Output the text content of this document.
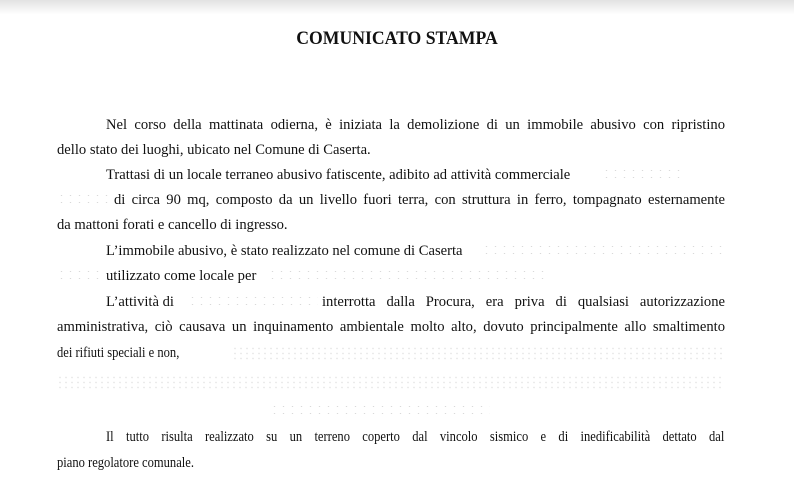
COMUNICATO STAMPA
Nel corso della mattinata odierna, è iniziata la demolizione di un immobile abusivo con ripristino
dello stato dei luoghi, ubicato nel Comune di Caserta.
Trattasi di un locale terraneo abusivo fatiscente, adibito ad attività commerciale
di circa 90 mq, composto da un livello fuori terra, con struttura in ferro, tompagnato esternamente
da mattoni forati e cancello di ingresso.
L’immobile abusivo, è stato realizzato nel comune di Caserta
utilizzato come locale per
L’attività di	interrotta dalla Procura, era priva di qualsiasi autorizzazione
amministrativa, ciò causava un inquinamento ambientale molto alto, dovuto principalmente allo smaltimento
dei rifiuti speciali e non,
Il tutto risulta realizzato su un terreno coperto dal vincolo sismico e di inedificabilità dettato dal
piano regolatore comunale.
